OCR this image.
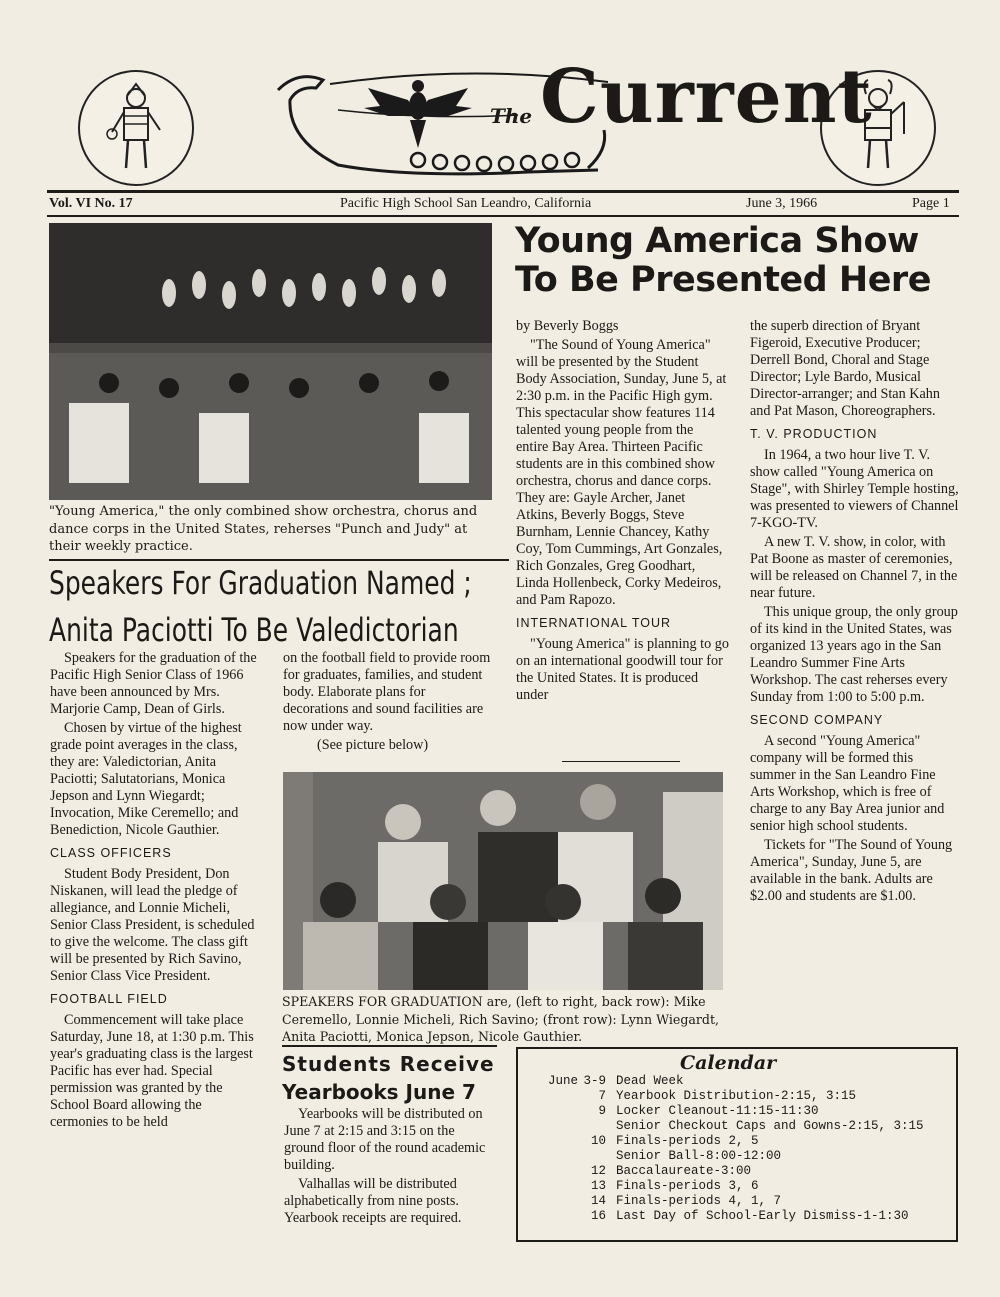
The Current
Vol. VI No. 17	Pacific High School San Leandro, California	June 3, 1966	Page 1
"Young America," the only combined show orchestra, chorus and dance corps in the United States, reherses "Punch and Judy" at their weekly practice.
Young America Show To Be Presented Here

by Beverly Boggs

"The Sound of Young America" will be presented by the Student Body Association, Sunday, June 5, at 2:30 p.m. in the Pacific High gym. This spectacular show features 114 talented young people from the entire Bay Area. Thirteen Pacific students are in this combined show orchestra, chorus and dance corps. They are: Gayle Archer, Janet Atkins, Beverly Boggs, Steve Burnham, Lennie Chancey, Kathy Coy, Tom Cummings, Art Gonzales, Rich Gonzales, Greg Goodhart, Linda Hollenbeck, Corky Medeiros, and Pam Rapozo.

INTERNATIONAL TOUR

"Young America" is planning to go on an international goodwill tour for the United States. It is produced under

the superb direction of Bryant Figeroid, Executive Producer; Derrell Bond, Choral and Stage Director; Lyle Bardo, Musical Director-arranger; and Stan Kahn and Pat Mason, Choreographers.

T. V. PRODUCTION

In 1964, a two hour live T. V. show called "Young America on Stage", with Shirley Temple hosting, was presented to viewers of Channel 7-KGO-TV.

A new T. V. show, in color, with Pat Boone as master of ceremonies, will be released on Channel 7, in the near future.

This unique group, the only group of its kind in the United States, was organized 13 years ago in the San Leandro Summer Fine Arts Workshop. The cast reherses every Sunday from 1:00 to 5:00 p.m.

SECOND COMPANY

A second "Young America" company will be formed this summer in the San Leandro Fine Arts Workshop, which is free of charge to any Bay Area junior and senior high school students.

Tickets for "The Sound of Young America", Sunday, June 5, are available in the bank. Adults are $2.00 and students are $1.00.

Speakers For Graduation Named ;
Anita Paciotti To Be Valedictorian

Speakers for the graduation of the Pacific High Senior Class of 1966 have been announced by Mrs. Marjorie Camp, Dean of Girls.

Chosen by virtue of the highest grade point averages in the class, they are: Valedictorian, Anita Paciotti; Salutatorians, Monica Jepson and Lynn Wiegardt; Invocation, Mike Ceremello; and Benediction, Nicole Gauthier.

CLASS OFFICERS

Student Body President, Don Niskanen, will lead the pledge of allegiance, and Lonnie Micheli, Senior Class President, is scheduled to give the welcome. The class gift will be presented by Rich Savino, Senior Class Vice President.

FOOTBALL FIELD

Commencement will take place Saturday, June 18, at 1:30 p.m. This year's graduating class is the largest Pacific has ever had. Special permission was granted by the School Board allowing the cermonies to be held

on the football field to provide room for graduates, families, and student body. Elaborate plans for decorations and sound facilities are now under way.

(See picture below)

SPEAKERS FOR GRADUATION are, (left to right, back row): Mike Ceremello, Lonnie Micheli, Rich Savino; (front row): Lynn Wiegardt, Anita Paciotti, Monica Jepson, Nicole Gauthier.
Students Receive
Yearbooks June 7

Yearbooks will be distributed on June 7 at 2:15 and 3:15 on the ground floor of the round academic building.

Valhallas will be distributed alphabetically from nine posts. Yearbook receipts are required.

Calendar
June 3-9 Dead Week
7 Yearbook Distribution-2:15, 3:15
9 Locker Cleanout-11:15-11:30
Senior Checkout Caps and Gowns-2:15, 3:15
10 Finals-periods 2, 5
Senior Ball-8:00-12:00
12 Baccalaureate-3:00
13 Finals-periods 3, 6
14 Finals-periods 4, 1, 7
16 Last Day of School-Early Dismiss-1-1:30
